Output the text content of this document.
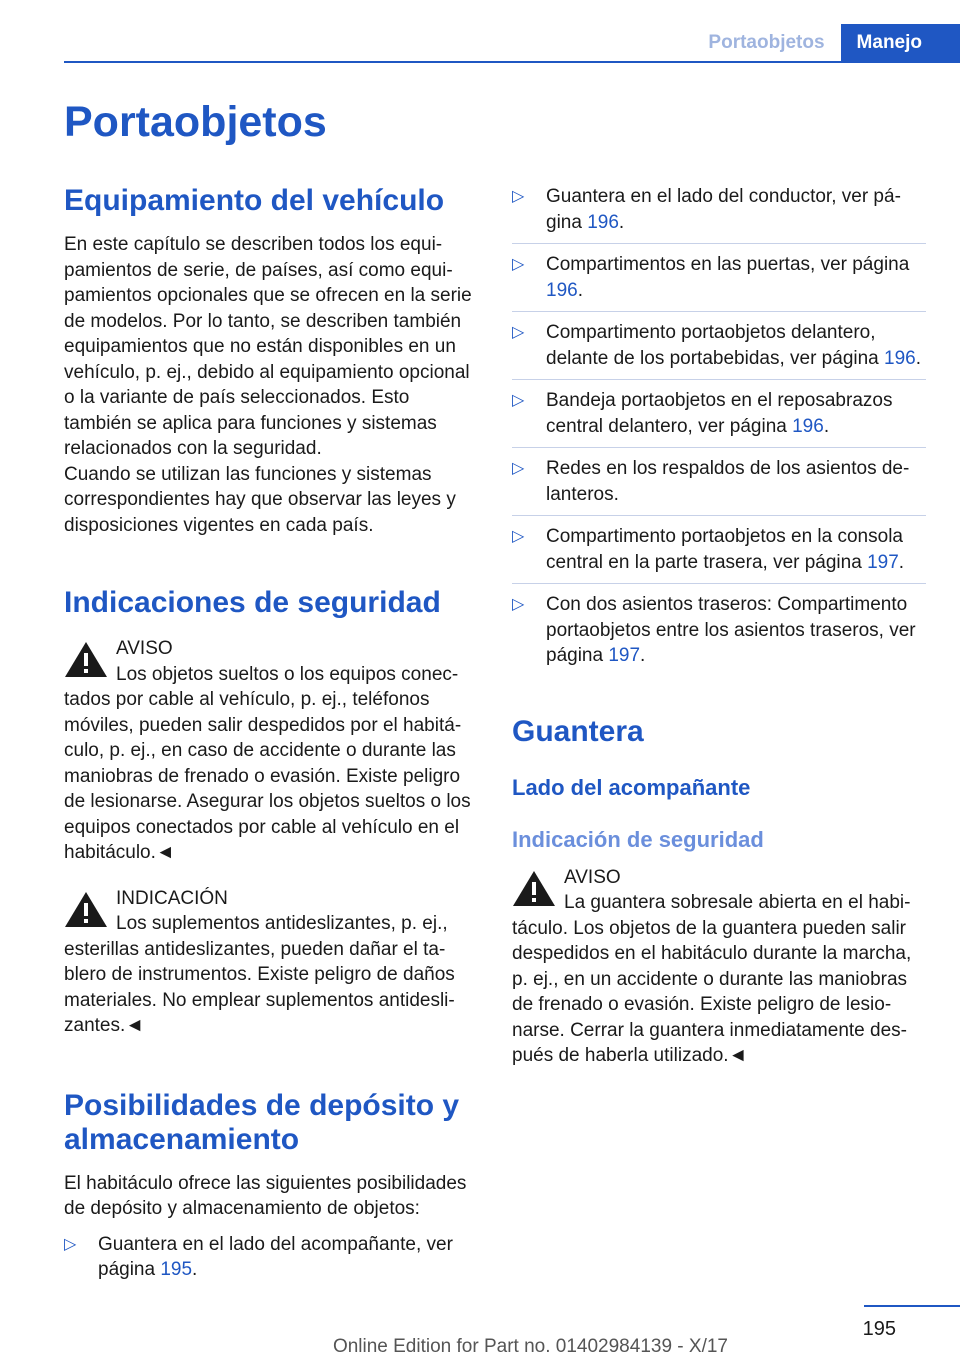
Portaobjetos	Manejo
Portaobjetos
Equipamiento del vehículo

En este capítulo se describen todos los equipamientos de serie, de países, así como equipamientos opcionales que se ofrecen en la serie de modelos. Por lo tanto, se describen también equipamientos que no están disponibles en un vehículo, p. ej., debido al equipamiento opcional o la variante de país seleccionados. Esto también se aplica para funciones y sistemas relacionados con la seguridad.

Cuando se utilizan las funciones y sistemas correspondientes hay que observar las leyes y disposiciones vigentes en cada país.

Indicaciones de seguridad
AVISO

Los objetos sueltos o los equipos conectados por cable al vehículo, p. ej., teléfonos móviles, pueden salir despedidos por el habitáculo, p. ej., en caso de accidente o durante las maniobras de frenado o evasión. Existe peligro de lesionarse. Asegurar los objetos sueltos o los equipos conectados por cable al vehículo en el habitáculo.◄

INDICACIÓN

Los suplementos antideslizantes, p. ej., esterillas antideslizantes, pueden dañar el tablero de instrumentos. Existe peligro de daños materiales. No emplear suplementos antideslizantes.◄

Posibilidades de depósito y almacenamiento

El habitáculo ofrece las siguientes posibilidades de depósito y almacenamiento de objetos:

▷ Guantera en el lado del acompañante, ver página 195.
▷ Guantera en el lado del conductor, ver página 196.
▷ Compartimentos en las puertas, ver página 196.
▷ Compartimento portaobjetos delantero, delante de los portabebidas, ver página 196.
▷ Bandeja portaobjetos en el reposabrazos central delantero, ver página 196.
▷ Redes en los respaldos de los asientos delanteros.
▷ Compartimento portaobjetos en la consola central en la parte trasera, ver página 197.
▷ Con dos asientos traseros: Compartimento portaobjetos entre los asientos traseros, ver página 197.
Guantera
Lado del acompañante
Indicación de seguridad
AVISO

La guantera sobresale abierta en el habitáculo. Los objetos de la guantera pueden salir despedidos en el habitáculo durante la marcha, p. ej., en un accidente o durante las maniobras de frenado o evasión. Existe peligro de lesionarse. Cerrar la guantera inmediatamente después de haberla utilizado.◄

195
Online Edition for Part no. 01402984139 - X/17
